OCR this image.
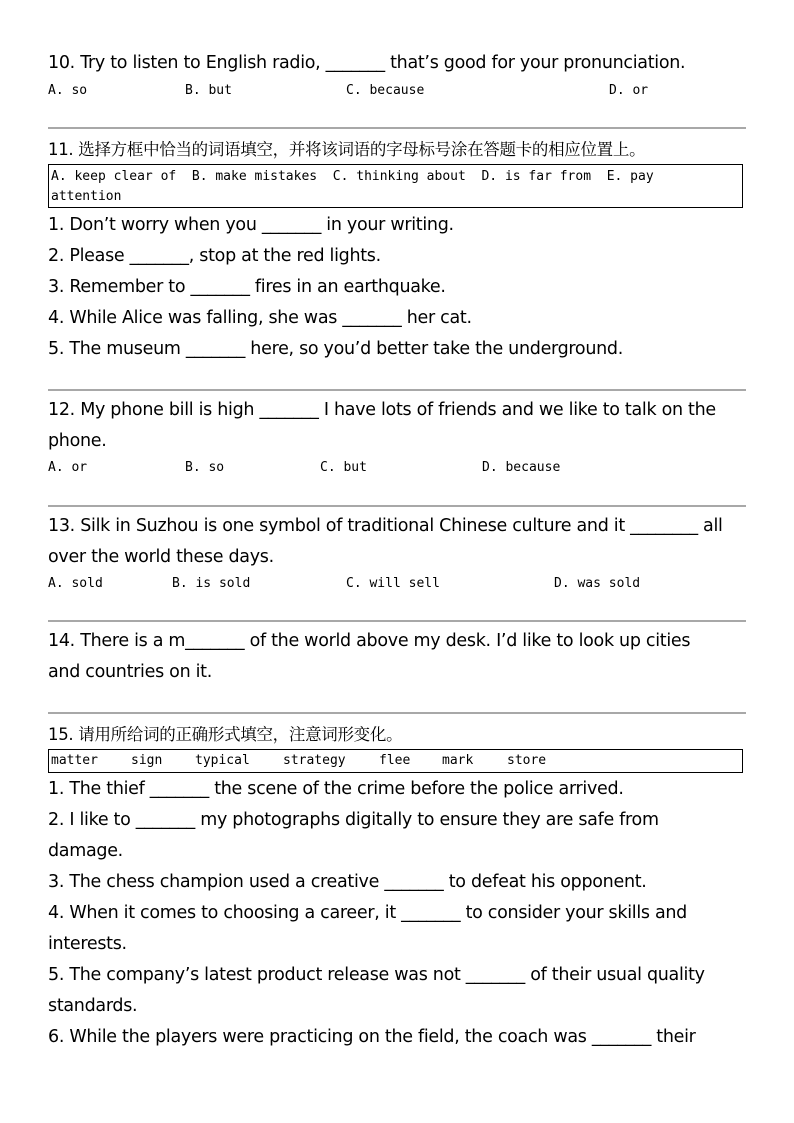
10. Try to listen to English radio, _______ that’s good for your pronunciation.
A. so	B. but	C. because	D. or
11. 选择方框中恰当的词语填空，并将该词语的字母标号涂在答题卡的相应位置上。
A. keep clear of  B. make mistakes  C. thinking about  D. is far from  E. pay
attention
1. Don’t worry when you _______ in your writing.
2. Please _______, stop at the red lights.
3. Remember to _______ fires in an earthquake.
4. While Alice was falling, she was _______ her cat.
5. The museum _______ here, so you’d better take the underground.
12. My phone bill is high _______ I have lots of friends and we like to talk on the
phone.
A. or	B. so	C. but	D. because
13. Silk in Suzhou is one symbol of traditional Chinese culture and it ________ all
over the world these days.
A. sold	B. is sold	C. will sell	D. was sold
14. There is a m_______ of the world above my desk. I’d like to look up cities
and countries on it.
15. 请用所给词的正确形式填空，注意词形变化。
matter	sign	typical	strategy	flee mark	store
1. The thief _______ the scene of the crime before the police arrived.
2. I like to _______ my photographs digitally to ensure they are safe from
damage.
3. The chess champion used a creative _______ to defeat his opponent.
4. When it comes to choosing a career, it _______ to consider your skills and
interests.
5. The company’s latest product release was not _______ of their usual quality
standards.
6. While the players were practicing on the field, the coach was _______ their
